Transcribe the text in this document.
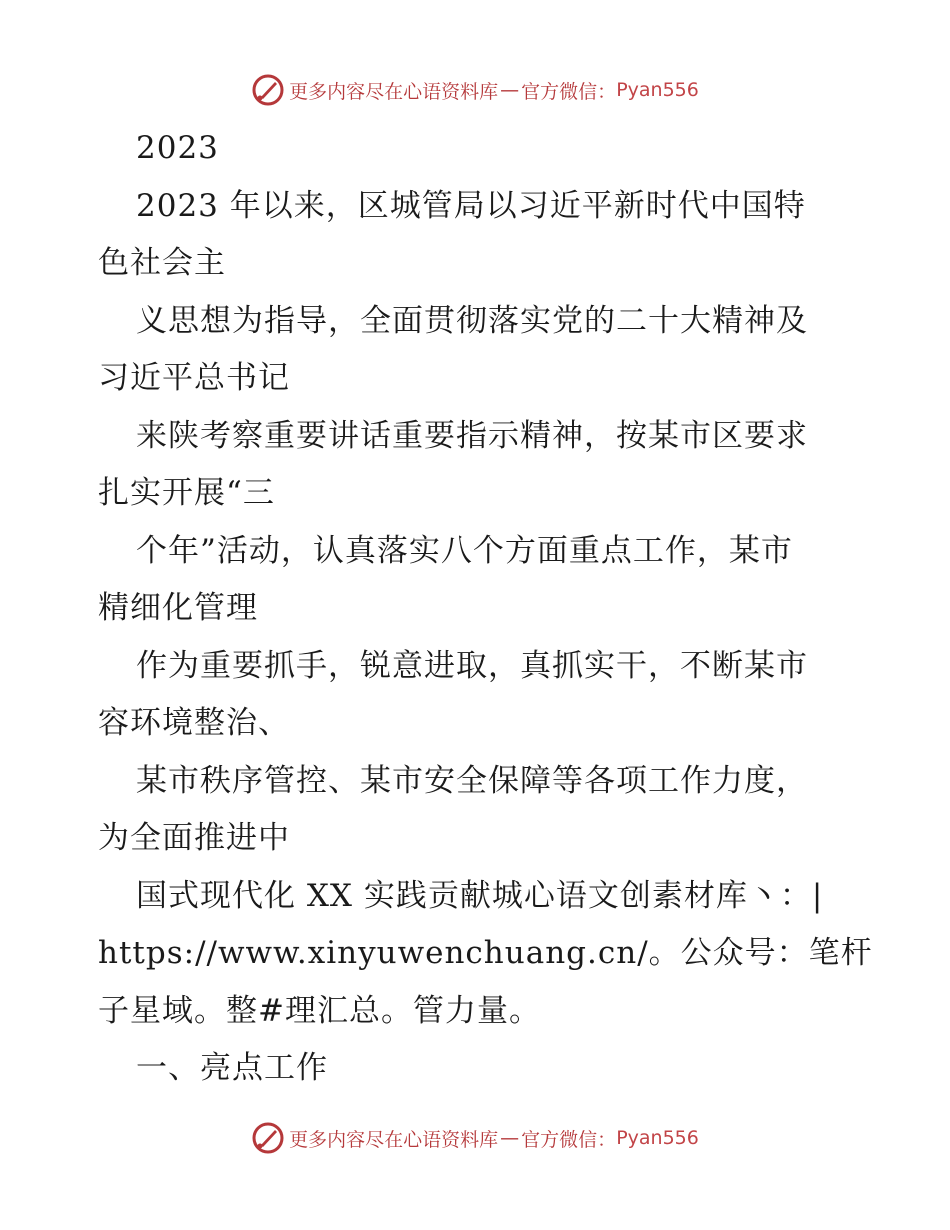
更多内容尽在心语资料库 — 官方微信： Pyan556
2023
2023 年以来，区城管局以习近平新时代中国特
色社会主
义思想为指导，全面贯彻落实党的二十大精神及
习近平总书记
来陕考察重要讲话重要指示精神，按某市区要求
扎实开展“三
个年”活动，认真落实八个方面重点工作，某市
精细化管理
作为重要抓手，锐意进取，真抓实干，不断某市
容环境整治、
某市秩序管控、某市安全保障等各项工作力度，
为全面推进中
国式现代化 XX 实践贡献城心语文创素材库丶：|
https://www.xinyuwenchuang.cn/。公众号：笔杆
子星域。整#理汇总。管力量。
一、亮点工作
更多内容尽在心语资料库 — 官方微信： Pyan556
